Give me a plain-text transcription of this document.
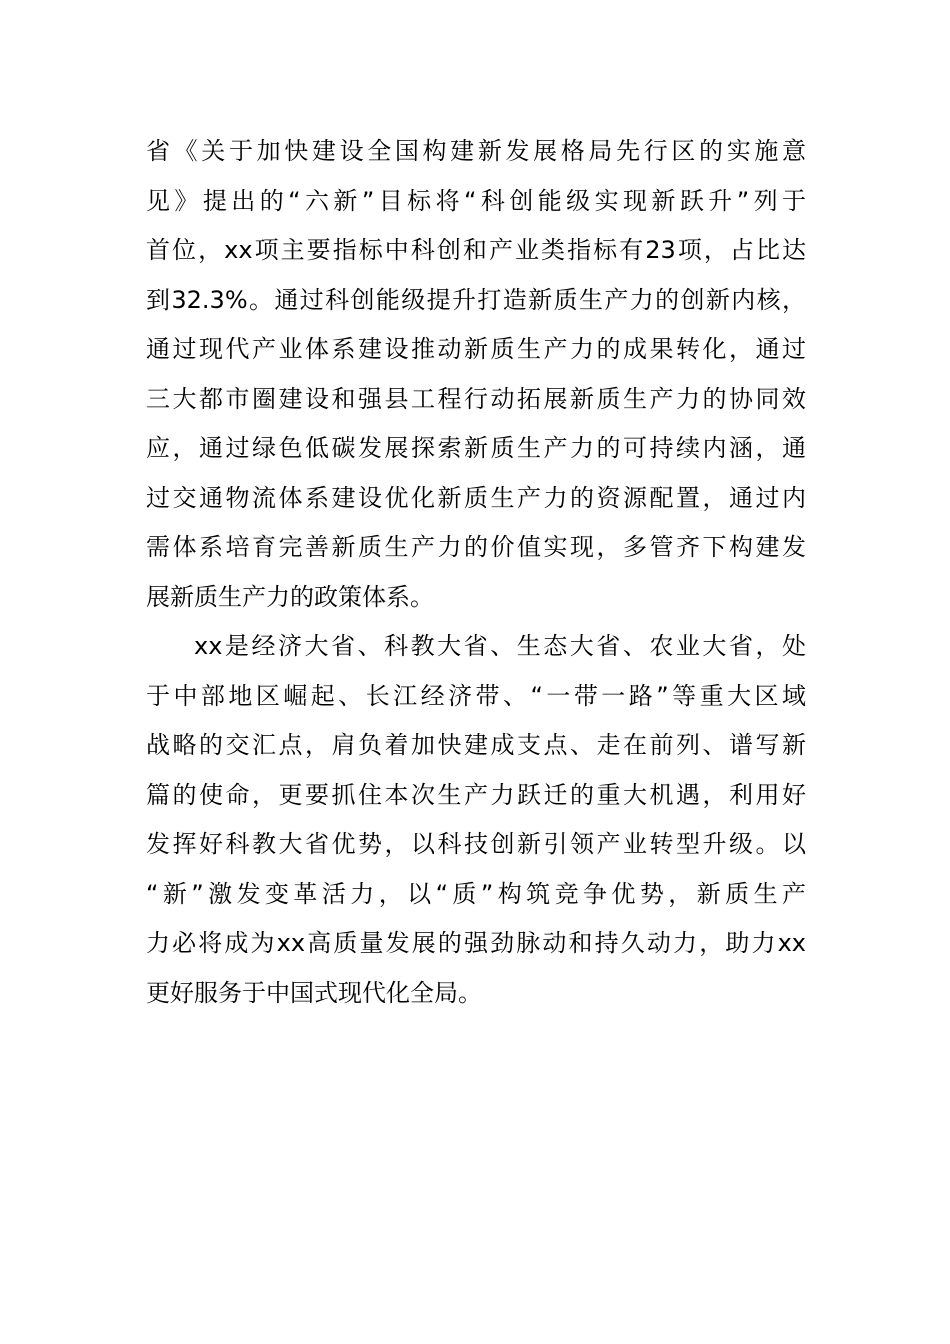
省《关于加快建设全国构建新发展格局先行区的实施意
见》提出的“六新”目标将“科创能级实现新跃升”列于
首位，xx项主要指标中科创和产业类指标有23项，占比达
到32.3%。通过科创能级提升打造新质生产力的创新内核，
通过现代产业体系建设推动新质生产力的成果转化，通过
三大都市圈建设和强县工程行动拓展新质生产力的协同效
应，通过绿色低碳发展探索新质生产力的可持续内涵，通
过交通物流体系建设优化新质生产力的资源配置，通过内
需体系培育完善新质生产力的价值实现，多管齐下构建发
展新质生产力的政策体系。
xx是经济大省、科教大省、生态大省、农业大省，处
于中部地区崛起、长江经济带、“一带一路”等重大区域
战略的交汇点，肩负着加快建成支点、走在前列、谱写新
篇的使命，更要抓住本次生产力跃迁的重大机遇，利用好
发挥好科教大省优势，以科技创新引领产业转型升级。以
“新”激发变革活力，以“质”构筑竞争优势，新质生产
力必将成为xx高质量发展的强劲脉动和持久动力，助力xx
更好服务于中国式现代化全局。
